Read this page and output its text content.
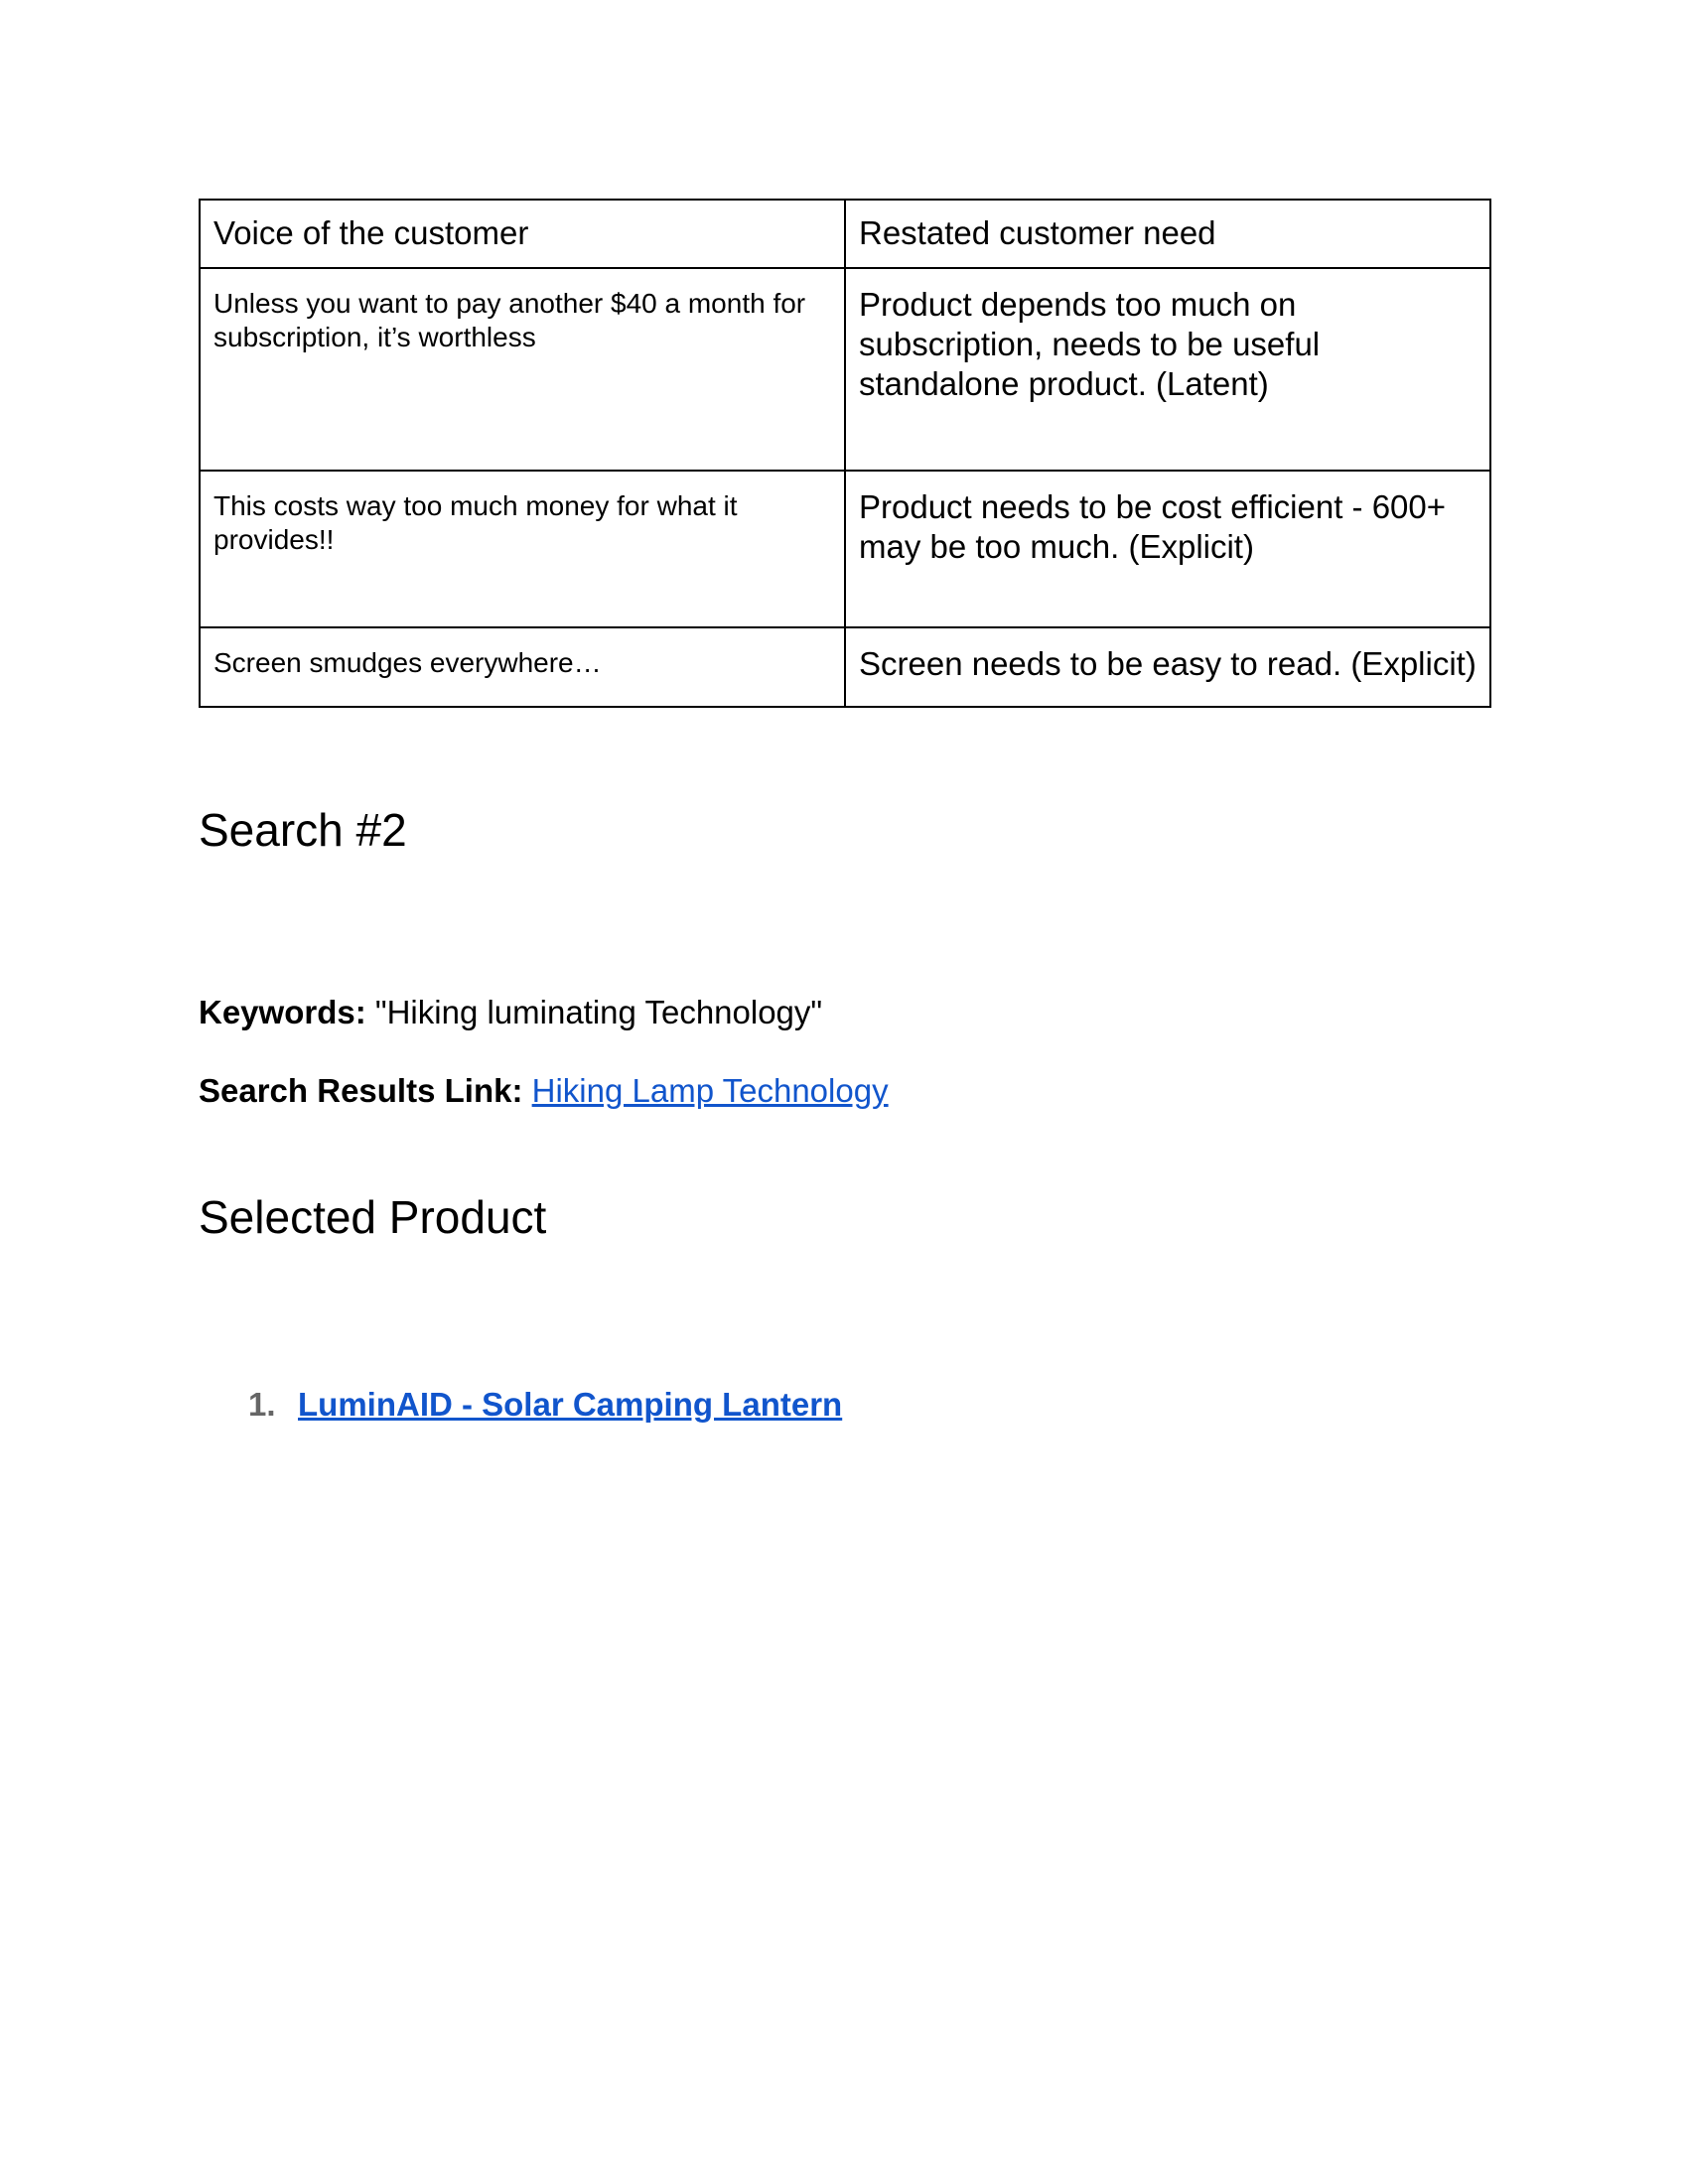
Voice of the customer	Restated customer need
Unless you want to pay another $40 a month for subscription, it’s worthless	Product depends too much on subscription, needs to be useful standalone product. (Latent)
This costs way too much money for what it provides!!	Product needs to be cost efficient - 600+ may be too much. (Explicit)
Screen smudges everywhere…	Screen needs to be easy to read. (Explicit)
Search #2

Keywords: "Hiking luminating Technology"

Search Results Link: Hiking Lamp Technology

Selected Product
1. LuminAID - Solar Camping Lantern
